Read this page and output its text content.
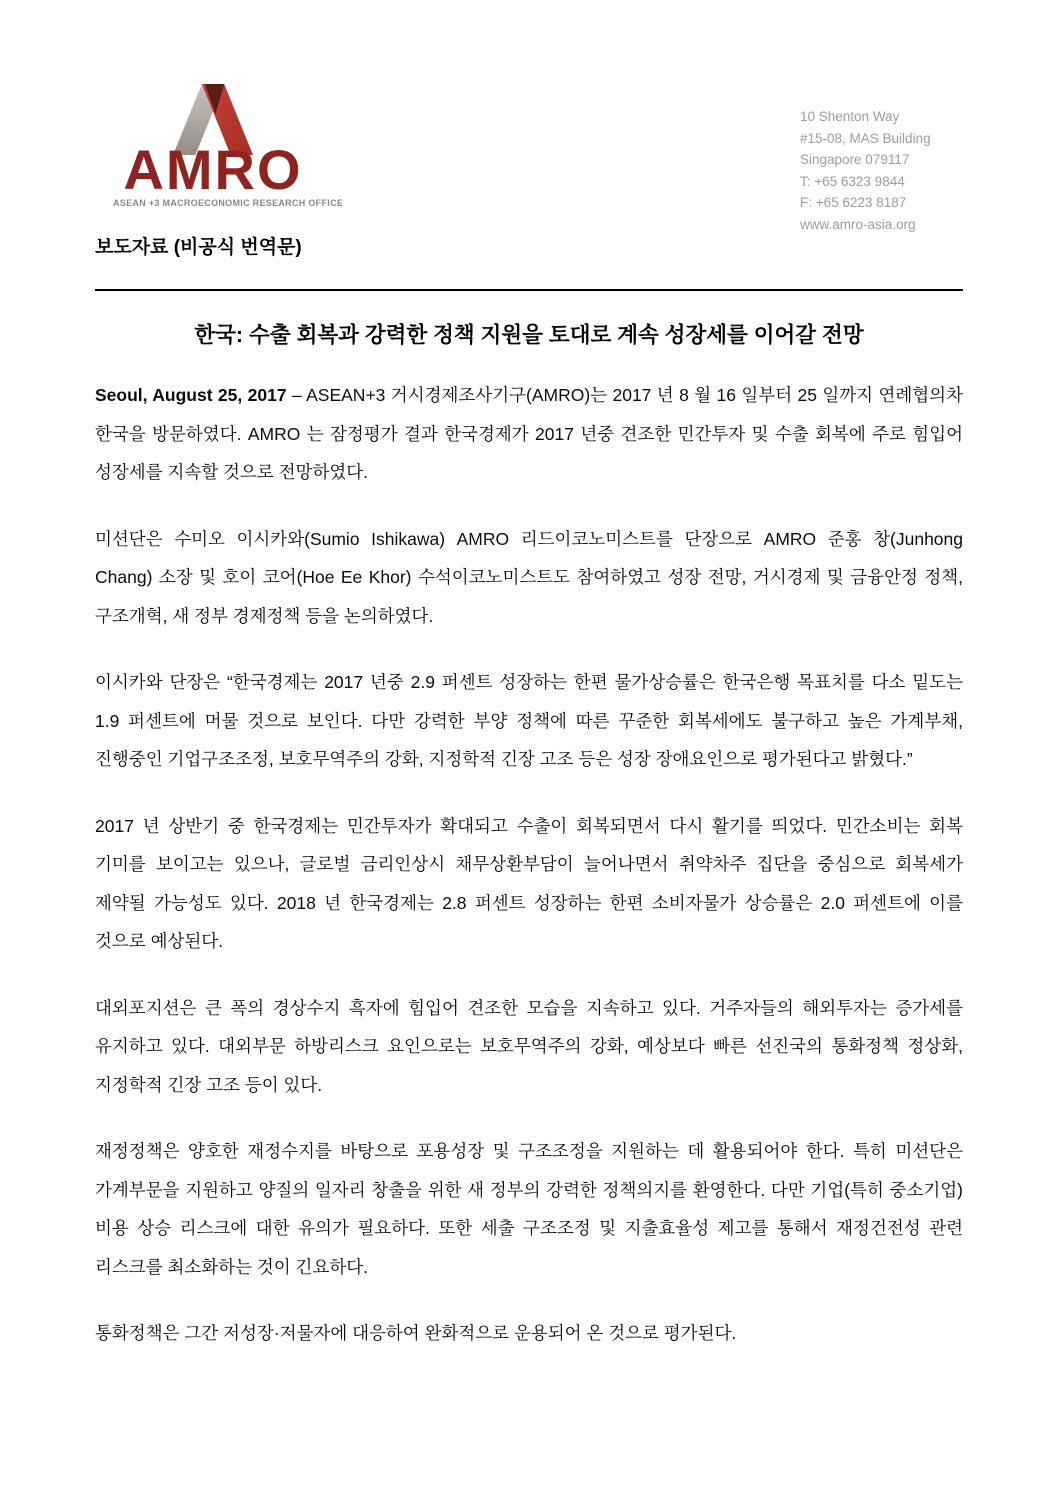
AMRO
ASEAN +3 MACROECONOMIC RESEARCH OFFICE
10 Shenton Way
#15-08, MAS Building
Singapore 079117
T: +65 6323 9844
F: +65 6223 8187
www.amro-asia.org
보도자료 (비공식 번역문)
한국: 수출 회복과 강력한 정책 지원을 토대로 계속 성장세를 이어갈 전망

Seoul, August 25, 2017 – ASEAN+3 거시경제조사기구(AMRO)는 2017 년 8 월 16 일부터 25 일까지 연례협의차 한국을 방문하였다. AMRO 는 잠정평가 결과 한국경제가 2017 년중 견조한 민간투자 및 수출 회복에 주로 힘입어 성장세를 지속할 것으로 전망하였다.

미션단은 수미오 이시카와(Sumio Ishikawa) AMRO 리드이코노미스트를 단장으로 AMRO 준홍 창(Junhong Chang) 소장 및 호이 코어(Hoe Ee Khor) 수석이코노미스트도 참여하였고 성장 전망, 거시경제 및 금융안정 정책, 구조개혁, 새 정부 경제정책 등을 논의하였다.

이시카와 단장은 “한국경제는 2017 년중 2.9 퍼센트 성장하는 한편 물가상승률은 한국은행 목표치를 다소 밑도는 1.9 퍼센트에 머물 것으로 보인다. 다만 강력한 부양 정책에 따른 꾸준한 회복세에도 불구하고 높은 가계부채, 진행중인 기업구조조정, 보호무역주의 강화, 지정학적 긴장 고조 등은 성장 장애요인으로 평가된다고 밝혔다.”

2017 년 상반기 중 한국경제는 민간투자가 확대되고 수출이 회복되면서 다시 활기를 띄었다. 민간소비는 회복 기미를 보이고는 있으나, 글로벌 금리인상시 채무상환부담이 늘어나면서 취약차주 집단을 중심으로 회복세가 제약될 가능성도 있다. 2018 년 한국경제는 2.8 퍼센트 성장하는 한편 소비자물가 상승률은 2.0 퍼센트에 이를 것으로 예상된다.

대외포지션은 큰 폭의 경상수지 흑자에 힘입어 견조한 모습을 지속하고 있다. 거주자들의 해외투자는 증가세를 유지하고 있다. 대외부문 하방리스크 요인으로는 보호무역주의 강화, 예상보다 빠른 선진국의 통화정책 정상화, 지정학적 긴장 고조 등이 있다.

재정정책은 양호한 재정수지를 바탕으로 포용성장 및 구조조정을 지원하는 데 활용되어야 한다. 특히 미션단은 가계부문을 지원하고 양질의 일자리 창출을 위한 새 정부의 강력한 정책의지를 환영한다. 다만 기업(특히 중소기업) 비용 상승 리스크에 대한 유의가 필요하다. 또한 세출 구조조정 및 지출효율성 제고를 통해서 재정건전성 관련 리스크를 최소화하는 것이 긴요하다.

통화정책은 그간 저성장·저물자에 대응하여 완화적으로 운용되어 온 것으로 평가된다.
